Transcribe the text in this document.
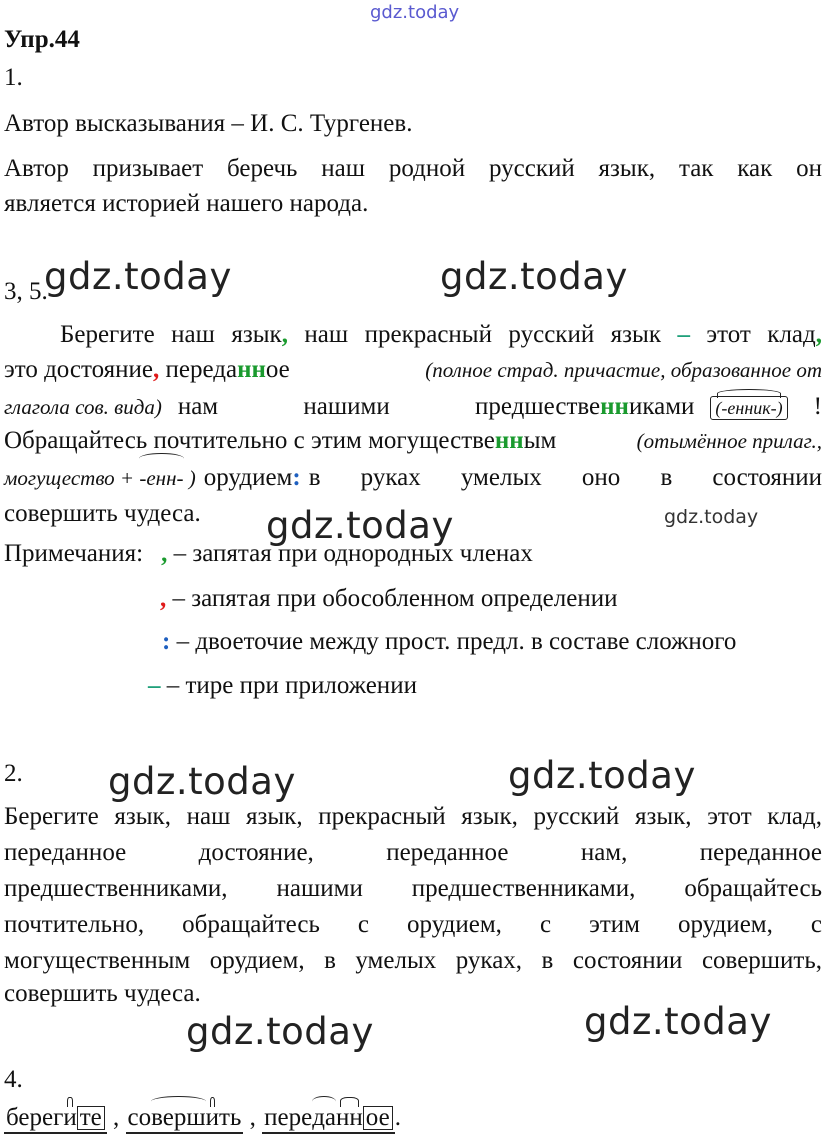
gdz.today
Упр.44
1.
Автор высказывания – И. С. Тургенев.
Автор призывает беречь наш родной русский язык, так как он
является историей нашего народа.
3, 5.
gdz.today	gdz.today
Берегите наш язык, наш прекрасный русский язык – этот клад,
это достояние, переданное	(полное страд. причастие, образованное от
глагола сов. вида) нам	нашими	предшественниками (-енник-) !
Обращайтесь почтительно с этим могущественным	(отымённое прилаг.,
могущество + -енн- ) орудием: в руках умелых оно в состоянии
совершить чудеса. gdz.today	gdz.today
Примечания: , – запятая при однородных членах
, – запятая при обособленном определении
: – двоеточие между прост. предл. в составе сложного
– – тире при приложении
2. gdz.today	gdz.today
Берегите язык, наш язык, прекрасный язык, русский язык, этот клад,
переданное достояние, переданное нам, переданное
предшественниками, нашими предшественниками, обращайтесь
почтительно, обращайтесь с орудием, с этим орудием, с
могущественным орудием, в умелых руках, в состоянии совершить,
совершить чудеса.
gdz.today	gdz.today
4.
береги те , совершить , переданн ое .
